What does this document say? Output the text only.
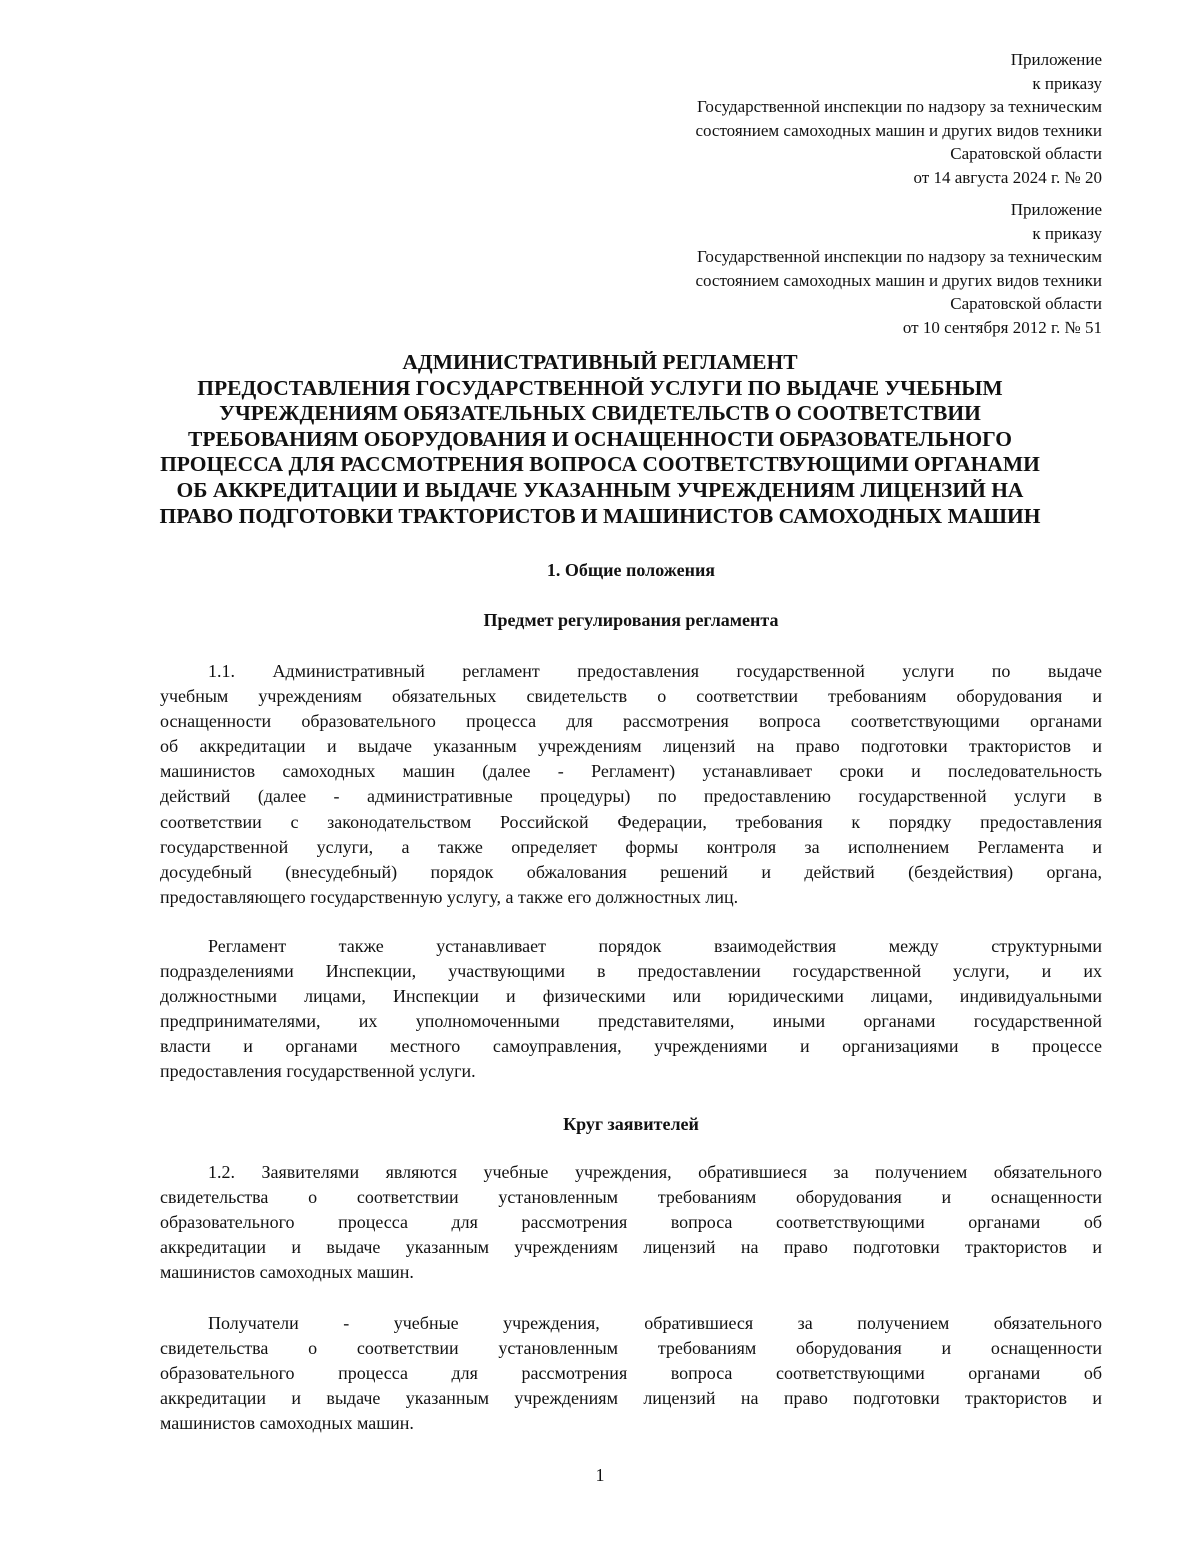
Приложение
к приказу
Государственной инспекции по надзору за техническим
состоянием самоходных машин и других видов техники
Саратовской области
от 14 августа 2024 г. № 20
Приложение
к приказу
Государственной инспекции по надзору за техническим
состоянием самоходных машин и других видов техники
Саратовской области
от 10 сентября 2012 г. № 51
АДМИНИСТРАТИВНЫЙ РЕГЛАМЕНТ
ПРЕДОСТАВЛЕНИЯ ГОСУДАРСТВЕННОЙ УСЛУГИ ПО ВЫДАЧЕ УЧЕБНЫМ
УЧРЕЖДЕНИЯМ ОБЯЗАТЕЛЬНЫХ СВИДЕТЕЛЬСТВ О СООТВЕТСТВИИ
ТРЕБОВАНИЯМ ОБОРУДОВАНИЯ И ОСНАЩЕННОСТИ ОБРАЗОВАТЕЛЬНОГО
ПРОЦЕССА ДЛЯ РАССМОТРЕНИЯ ВОПРОСА СООТВЕТСТВУЮЩИМИ ОРГАНАМИ
ОБ АККРЕДИТАЦИИ И ВЫДАЧЕ УКАЗАННЫМ УЧРЕЖДЕНИЯМ ЛИЦЕНЗИЙ НА
ПРАВО ПОДГОТОВКИ ТРАКТОРИСТОВ И МАШИНИСТОВ САМОХОДНЫХ МАШИН
1. Общие положения
Предмет регулирования регламента

1.1. Административный регламент предоставления государственной услуги по выдаче
учебным учреждениям обязательных свидетельств о соответствии требованиям оборудования и
оснащенности образовательного процесса для рассмотрения вопроса соответствующими органами
об аккредитации и выдаче указанным учреждениям лицензий на право подготовки трактористов и
машинистов самоходных машин (далее - Регламент) устанавливает сроки и последовательность
действий (далее - административные процедуры) по предоставлению государственной услуги в
соответствии с законодательством Российской Федерации, требования к порядку предоставления
государственной услуги, а также определяет формы контроля за исполнением Регламента и
досудебный (внесудебный) порядок обжалования решений и действий (бездействия) органа,
предоставляющего государственную услугу, а также его должностных лиц.

Регламент также устанавливает порядок взаимодействия между структурными
подразделениями Инспекции, участвующими в предоставлении государственной услуги, и их
должностными лицами, Инспекции и физическими или юридическими лицами, индивидуальными
предпринимателями, их уполномоченными представителями, иными органами государственной
власти и органами местного самоуправления, учреждениями и организациями в процессе
предоставления государственной услуги.

Круг заявителей

1.2. Заявителями являются учебные учреждения, обратившиеся за получением обязательного
свидетельства о соответствии установленным требованиям оборудования и оснащенности
образовательного процесса для рассмотрения вопроса соответствующими органами об
аккредитации и выдаче указанным учреждениям лицензий на право подготовки трактористов и
машинистов самоходных машин.

Получатели - учебные учреждения, обратившиеся за получением обязательного
свидетельства о соответствии установленным требованиям оборудования и оснащенности
образовательного процесса для рассмотрения вопроса соответствующими органами об
аккредитации и выдаче указанным учреждениям лицензий на право подготовки трактористов и
машинистов самоходных машин.

1
